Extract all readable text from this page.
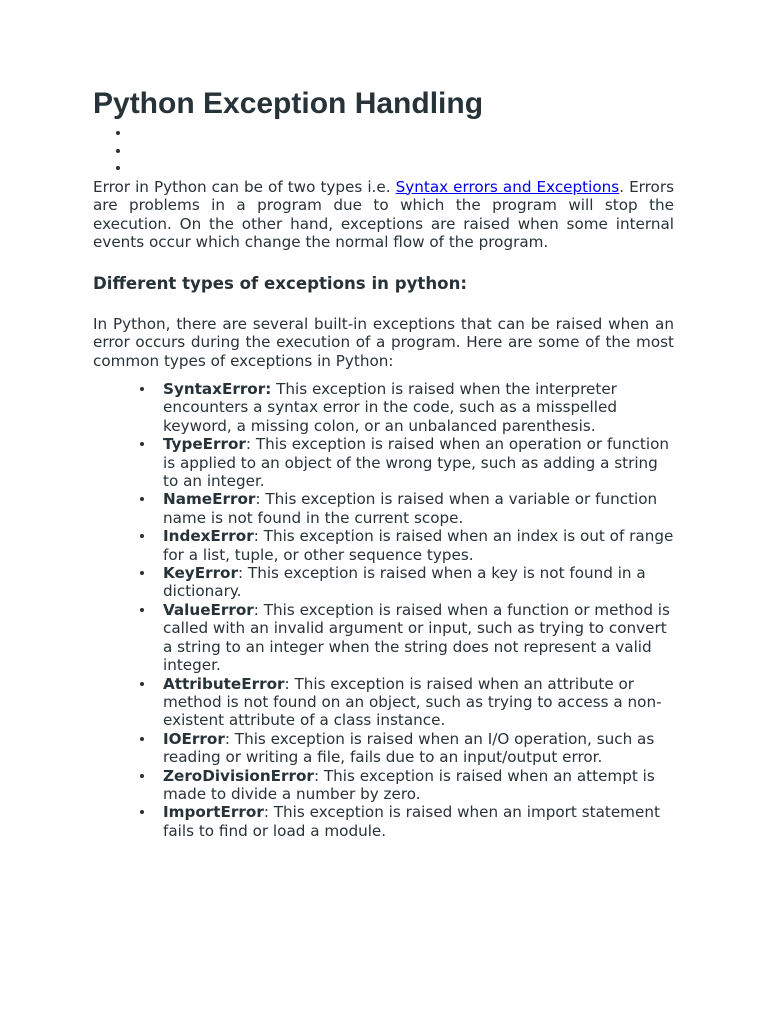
Python Exception Handling

Error in Python can be of two types i.e. Syntax errors and Exceptions. Errors are problems in a program due to which the program will stop the execution. On the other hand, exceptions are raised when some internal events occur which change the normal flow of the program.

Different types of exceptions in python:

In Python, there are several built-in exceptions that can be raised when an error occurs during the execution of a program. Here are some of the most common types of exceptions in Python:

SyntaxError: This exception is raised when the interpreter encounters a syntax error in the code, such as a misspelled keyword, a missing colon, or an unbalanced parenthesis.
TypeError: This exception is raised when an operation or function is applied to an object of the wrong type, such as adding a string to an integer.
NameError: This exception is raised when a variable or function name is not found in the current scope.
IndexError: This exception is raised when an index is out of range for a list, tuple, or other sequence types.
KeyError: This exception is raised when a key is not found in a dictionary.
ValueError: This exception is raised when a function or method is called with an invalid argument or input, such as trying to convert a string to an integer when the string does not represent a valid integer.
AttributeError: This exception is raised when an attribute or method is not found on an object, such as trying to access a non-existent attribute of a class instance.
IOError: This exception is raised when an I/O operation, such as reading or writing a file, fails due to an input/output error.
ZeroDivisionError: This exception is raised when an attempt is made to divide a number by zero.
ImportError: This exception is raised when an import statement fails to find or load a module.
